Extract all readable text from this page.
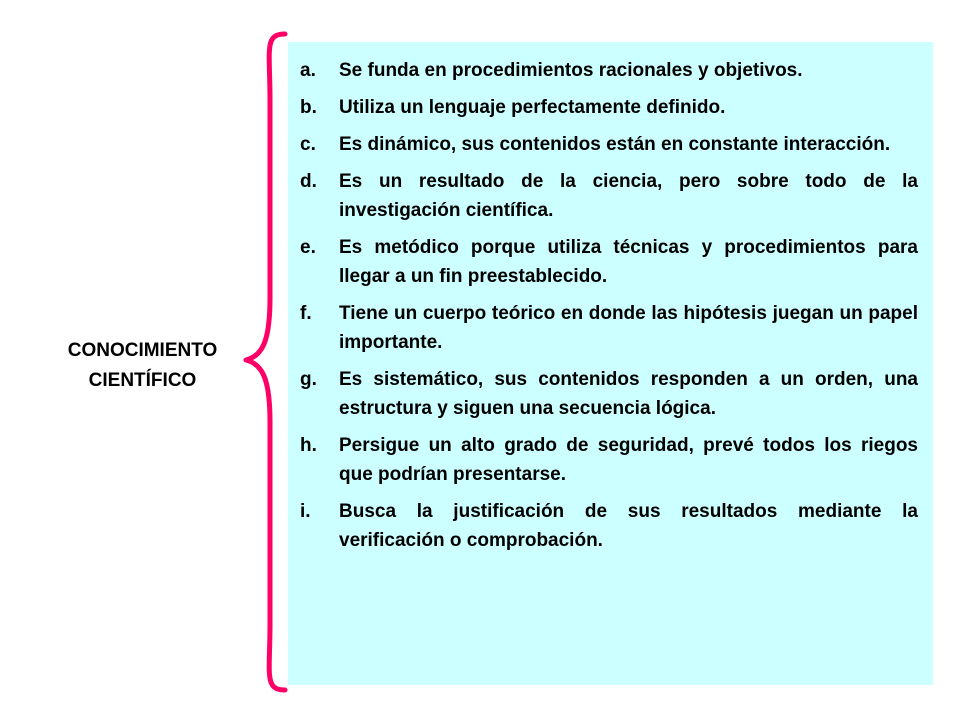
CONOCIMIENTO
CIENTÍFICO
a.	Se funda en procedimientos racionales y objetivos.
b.	Utiliza un lenguaje perfectamente definido.
c.	Es dinámico, sus contenidos están en constante interacción.
d.	Es un resultado de la ciencia, pero sobre todo de la investigación científica.
e.	Es metódico porque utiliza técnicas y procedimientos para llegar a un fin preestablecido.
f.	Tiene un cuerpo teórico en donde las hipótesis juegan un papel importante.
g.	Es sistemático, sus contenidos responden a un orden, una estructura y siguen una secuencia lógica.
h.	Persigue un alto grado de seguridad, prevé todos los riegos que podrían presentarse.
i.	Busca la justificación de sus resultados mediante la verificación o comprobación.
